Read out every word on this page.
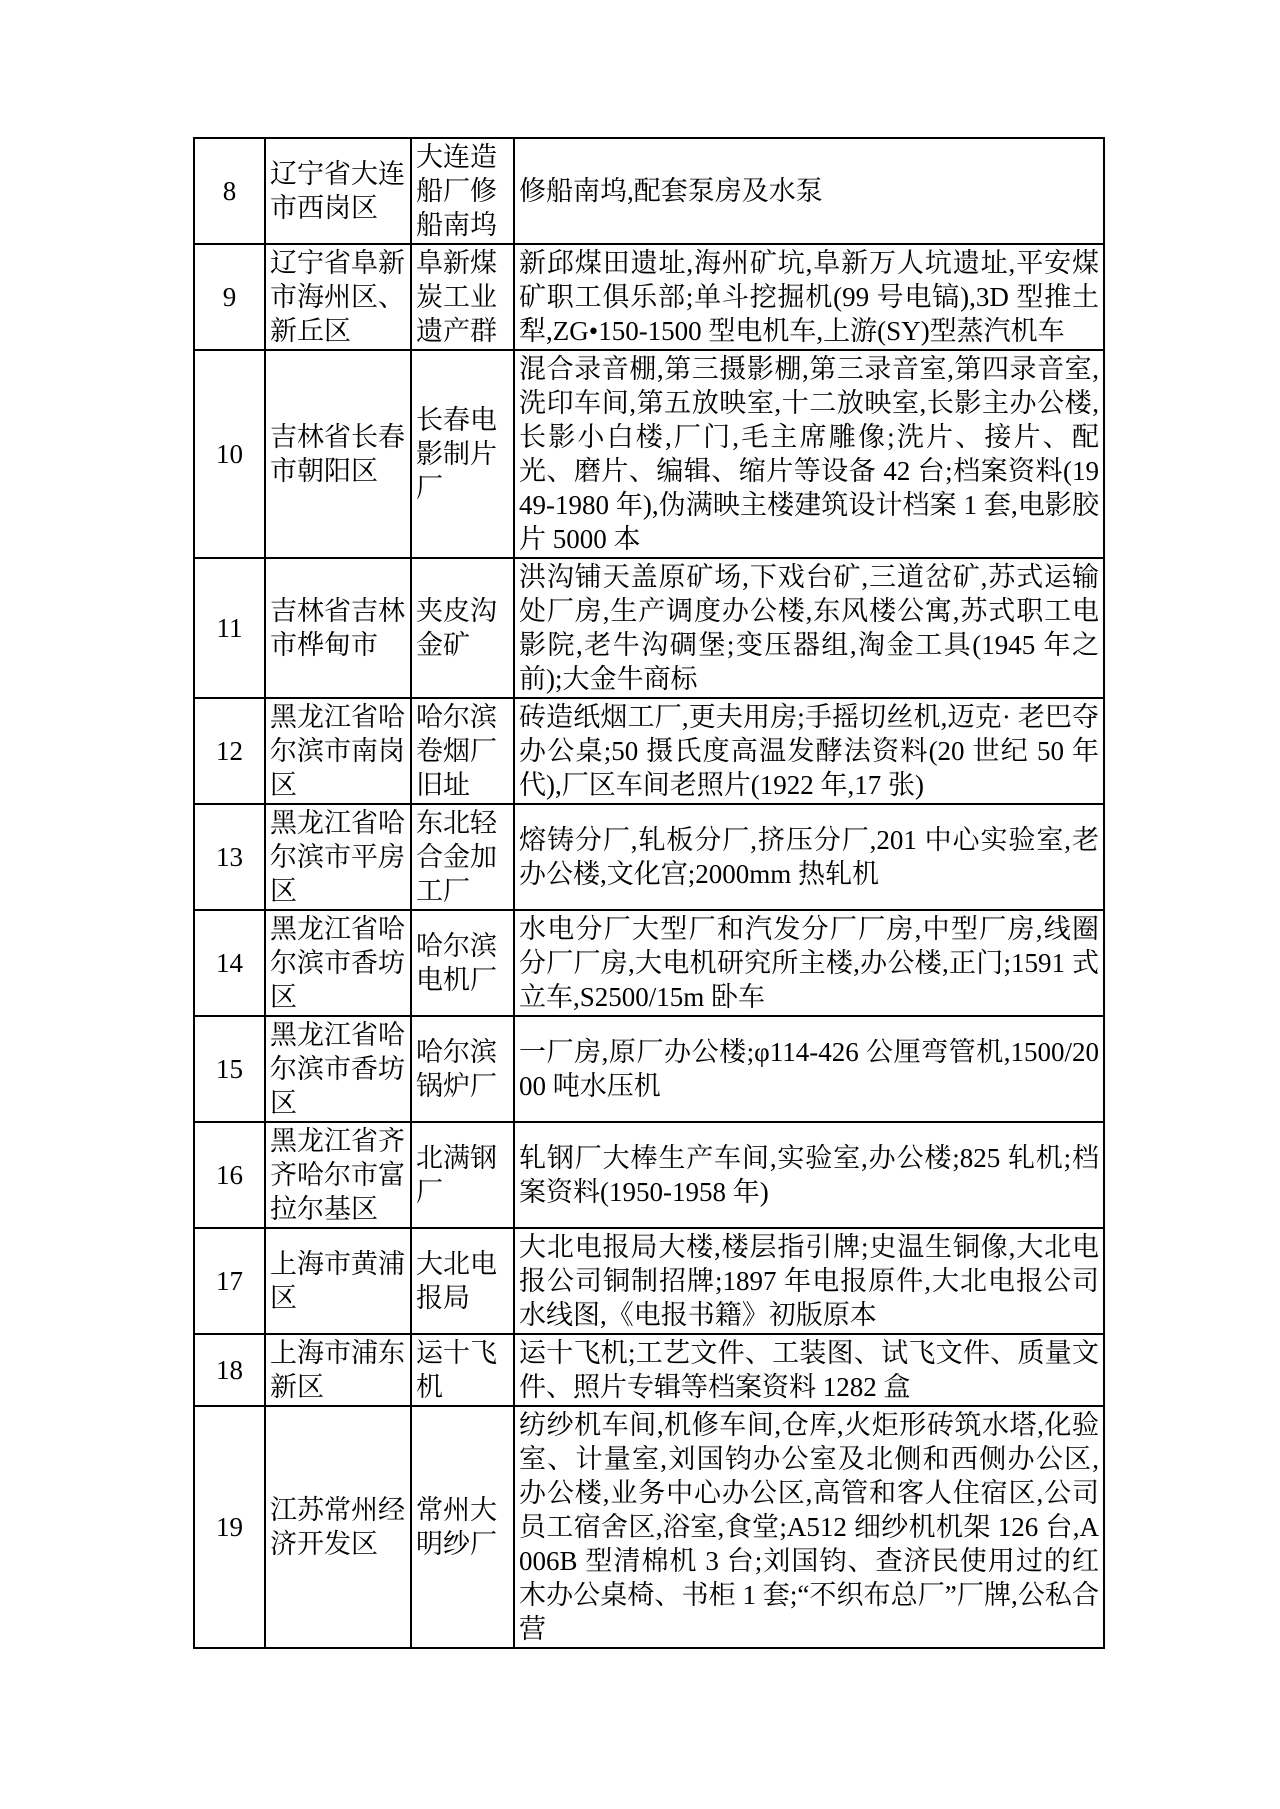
8	辽宁省大连市西岗区	大连造船厂修船南坞	修船南坞,配套泵房及水泵
9	辽宁省阜新市海州区、新丘区	阜新煤炭工业遗产群	新邱煤田遗址,海州矿坑,阜新万人坑遗址,平安煤矿职工俱乐部;单斗挖掘机(99 号电镐),3D 型推土犁,ZG•150-1500 型电机车,上游(SY)型蒸汽机车
10	吉林省长春市朝阳区	长春电影制片厂	混合录音棚,第三摄影棚,第三录音室,第四录音室,洗印车间,第五放映室,十二放映室,长影主办公楼,长影小白楼,厂门,毛主席雕像;洗片、接片、配光、磨片、编辑、缩片等设备 42 台;档案资料(1949-1980 年),伪满映主楼建筑设计档案 1 套,电影胶片 5000 本
11	吉林省吉林市桦甸市	夹皮沟金矿	洪沟铺天盖原矿场,下戏台矿,三道岔矿,苏式运输处厂房,生产调度办公楼,东风楼公寓,苏式职工电影院,老牛沟碉堡;变压器组,淘金工具(1945 年之前);大金牛商标
12	黑龙江省哈尔滨市南岗区	哈尔滨卷烟厂旧址	砖造纸烟工厂,更夫用房;手摇切丝机,迈克· 老巴夺办公桌;50 摄氏度高温发酵法资料(20 世纪 50 年代),厂区车间老照片(1922 年,17 张)
13	黑龙江省哈尔滨市平房区	东北轻合金加工厂	熔铸分厂,轧板分厂,挤压分厂,201 中心实验室,老办公楼,文化宫;2000mm 热轧机
14	黑龙江省哈尔滨市香坊区	哈尔滨电机厂	水电分厂大型厂和汽发分厂厂房,中型厂房,线圈分厂厂房,大电机研究所主楼,办公楼,正门;1591 式立车,S2500/15m 卧车
15	黑龙江省哈尔滨市香坊区	哈尔滨锅炉厂	一厂房,原厂办公楼;φ114-426 公厘弯管机,1500/2000 吨水压机
16	黑龙江省齐齐哈尔市富拉尔基区	北满钢厂	轧钢厂大棒生产车间,实验室,办公楼;825 轧机;档案资料(1950-1958 年)
17	上海市黄浦区	大北电报局	大北电报局大楼,楼层指引牌;史温生铜像,大北电报公司铜制招牌;1897 年电报原件,大北电报公司水线图,《电报书籍》初版原本
18	上海市浦东新区	运十飞机	运十飞机;工艺文件、工装图、试飞文件、质量文件、照片专辑等档案资料 1282 盒
19	江苏常州经济开发区	常州大明纱厂	纺纱机车间,机修车间,仓库,火炬形砖筑水塔,化验室、计量室,刘国钧办公室及北侧和西侧办公区,办公楼,业务中心办公区,高管和客人住宿区,公司员工宿舍区,浴室,食堂;A512 细纱机机架 126 台,A006B 型清棉机 3 台;刘国钧、查济民使用过的红木办公桌椅、书柜 1 套;“不织布总厂”厂牌,公私合营
